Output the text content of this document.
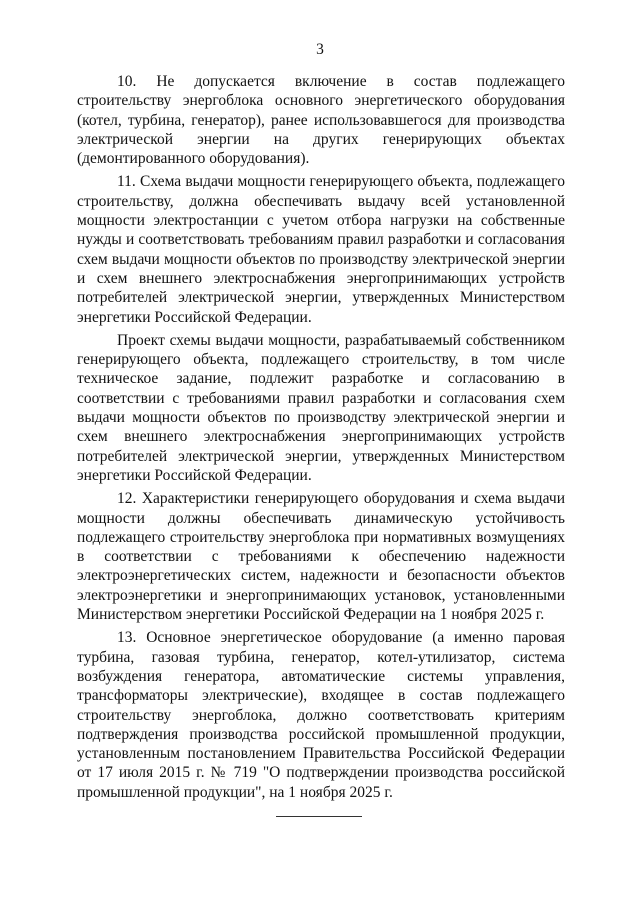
3

10. Не допускается включение в состав подлежащего строительству энергоблока основного энергетического оборудования (котел, турбина, генератор), ранее использовавшегося для производства электрической энергии на других генерирующих объектах (демонтированного оборудования).

11. Схема выдачи мощности генерирующего объекта, подлежащего строительству, должна обеспечивать выдачу всей установленной мощности электростанции с учетом отбора нагрузки на собственные нужды и соответствовать требованиям правил разработки и согласования схем выдачи мощности объектов по производству электрической энергии и схем внешнего электроснабжения энергопринимающих устройств потребителей электрической энергии, утвержденных Министерством энергетики Российской Федерации.

Проект схемы выдачи мощности, разрабатываемый собственником генерирующего объекта, подлежащего строительству, в том числе техническое задание, подлежит разработке и согласованию в соответствии с требованиями правил разработки и согласования схем выдачи мощности объектов по производству электрической энергии и схем внешнего электроснабжения энергопринимающих устройств потребителей электрической энергии, утвержденных Министерством энергетики Российской Федерации.

12. Характеристики генерирующего оборудования и схема выдачи мощности должны обеспечивать динамическую устойчивость подлежащего строительству энергоблока при нормативных возмущениях в соответствии с требованиями к обеспечению надежности электроэнергетических систем, надежности и безопасности объектов электроэнергетики и энергопринимающих установок, установленными Министерством энергетики Российской Федерации на 1 ноября 2025 г.

13. Основное энергетическое оборудование (а именно паровая турбина, газовая турбина, генератор, котел-утилизатор, система возбуждения генератора, автоматические системы управления, трансформаторы электрические), входящее в состав подлежащего строительству энергоблока, должно соответствовать критериям подтверждения производства российской промышленной продукции, установленным постановлением Правительства Российской Федерации от 17 июля 2015 г. № 719 "О подтверждении производства российской промышленной продукции", на 1 ноября 2025 г.
